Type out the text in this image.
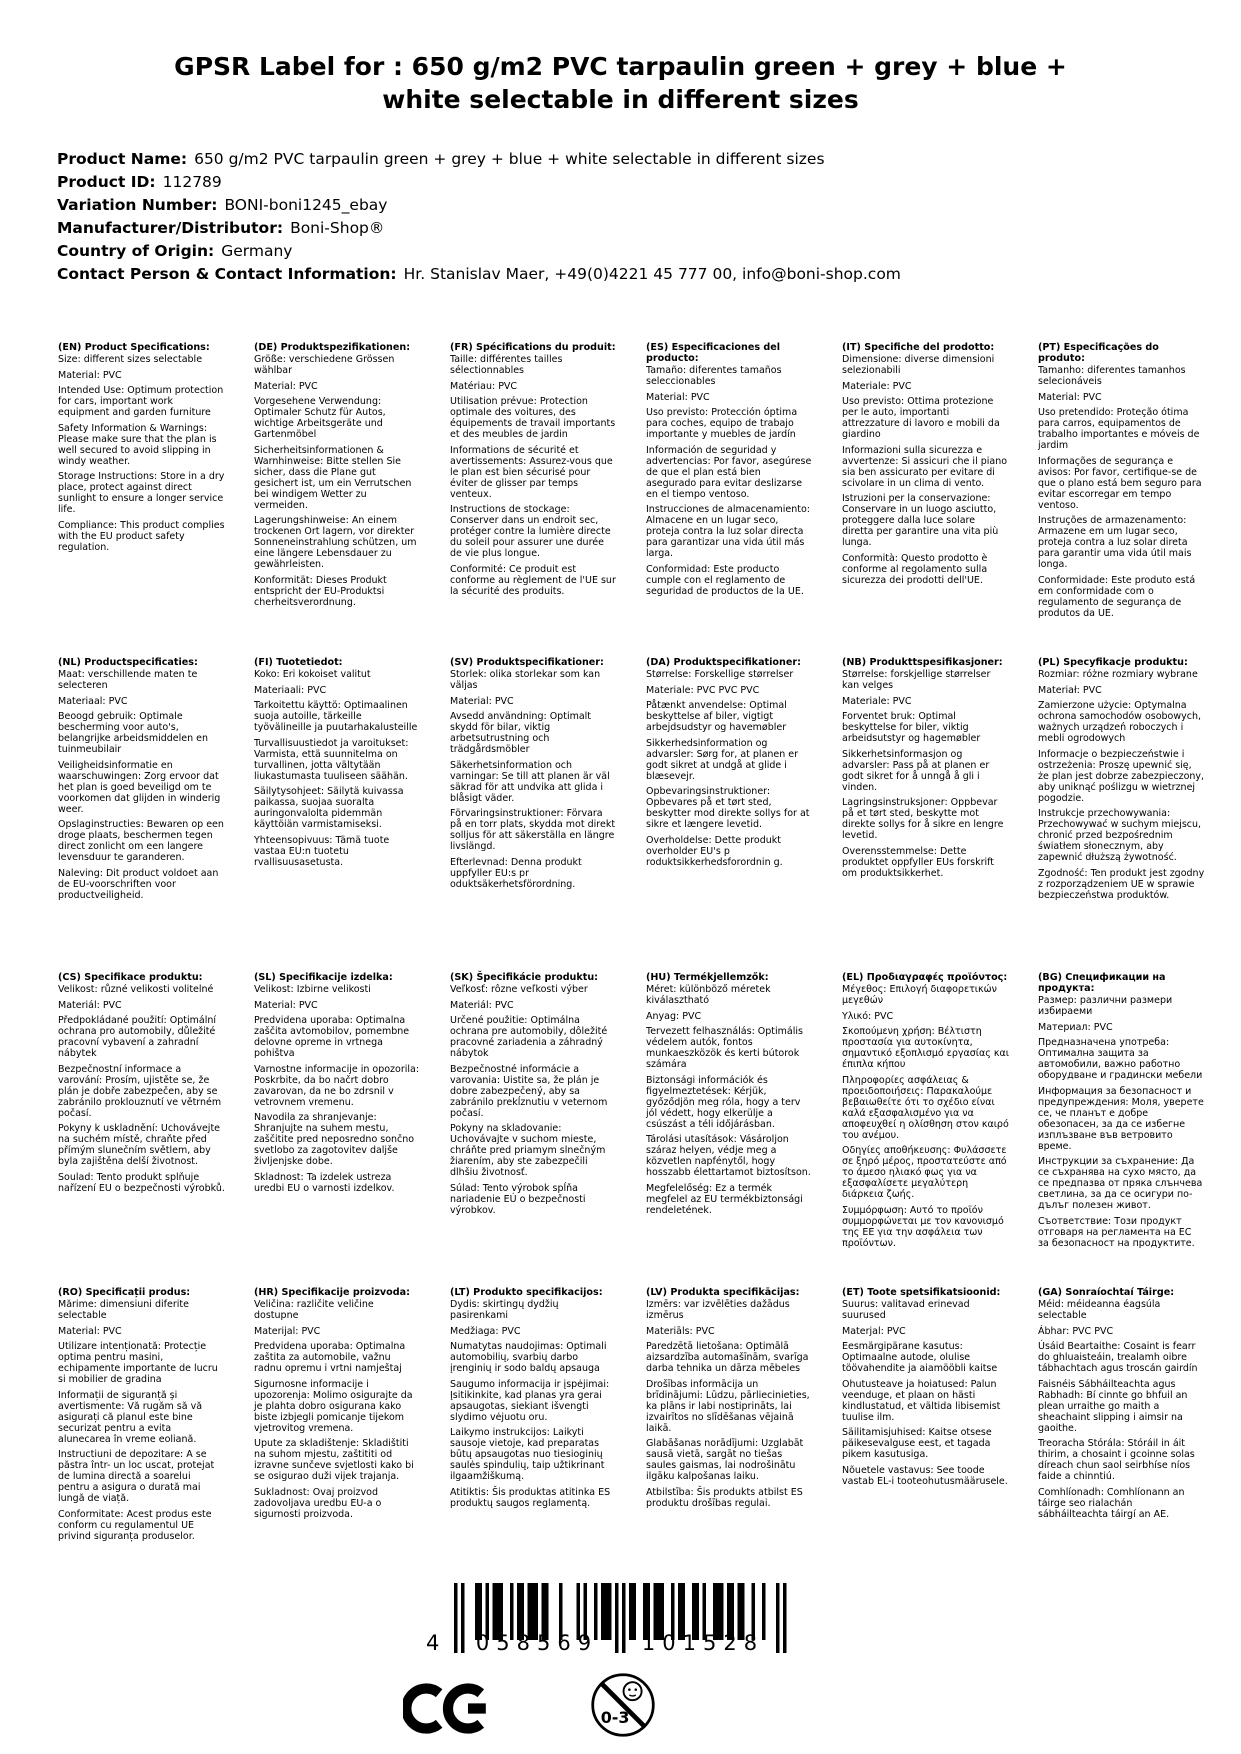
GPSR Label for : 650 g/m2 PVC tarpaulin green + grey + blue + white selectable in different sizes
Product Name: 650 g/m2 PVC tarpaulin green + grey + blue + white selectable in different sizes
Product ID: 112789
Variation Number: BONI-boni1245_ebay
Manufacturer/Distributor: Boni-Shop®
Country of Origin: Germany
Contact Person & Contact Information: Hr. Stanislav Maer, +49(0)4221 45 777 00, info@boni-shop.com
(EN) Product Specifications:

Size: different sizes selectable

Material: PVC

Intended Use: Optimum protection for cars, important work equipment and garden furniture

Safety Information & Warnings: Please make sure that the plan is well secured to avoid slipping in windy weather.

Storage Instructions: Store in a dry place, protect against direct sunlight to ensure a longer service life.

Compliance: This product complies with the EU product safety regulation.

(DE) Produktspezifikationen:

Größe: verschiedene Grössen wählbar

Material: PVC

Vorgesehene Verwendung: Optimaler Schutz für Autos, wichtige Arbeitsgeräte und Gartenmöbel

Sicherheitsinformationen & Warnhinweise: Bitte stellen Sie sicher, dass die Plane gut gesichert ist, um ein Verrutschen bei windigem Wetter zu vermeiden.

Lagerungshinweise: An einem trockenen Ort lagern, vor direkter Sonneneinstrahlung schützen, um eine längere Lebensdauer zu gewährleisten.

Konformität: Dieses Produkt entspricht der EU-Produktsi cherheitsverordnung.

(FR) Spécifications du produit:

Taille: différentes tailles sélectionnables

Matériau: PVC

Utilisation prévue: Protection optimale des voitures, des équipements de travail importants et des meubles de jardin

Informations de sécurité et avertissements: Assurez-vous que le plan est bien sécurisé pour éviter de glisser par temps venteux.

Instructions de stockage: Conserver dans un endroit sec, protéger contre la lumière directe du soleil pour assurer une durée de vie plus longue.

Conformité: Ce produit est conforme au règlement de l'UE sur la sécurité des produits.

(ES) Especificaciones del producto:

Tamaño: diferentes tamaños seleccionables

Material: PVC

Uso previsto: Protección óptima para coches, equipo de trabajo importante y muebles de jardín

Información de seguridad y advertencias: Por favor, asegúrese de que el plan está bien asegurado para evitar deslizarse en el tiempo ventoso.

Instrucciones de almacenamiento: Almacene en un lugar seco, proteja contra la luz solar directa para garantizar una vida útil más larga.

Conformidad: Este producto cumple con el reglamento de seguridad de productos de la UE.

(IT) Specifiche del prodotto:

Dimensione: diverse dimensioni selezionabili

Materiale: PVC

Uso previsto: Ottima protezione per le auto, importanti attrezzature di lavoro e mobili da giardino

Informazioni sulla sicurezza e avvertenze: Si assicuri che il piano sia ben assicurato per evitare di scivolare in un clima di vento.

Istruzioni per la conservazione: Conservare in un luogo asciutto, proteggere dalla luce solare diretta per garantire una vita più lunga.

Conformità: Questo prodotto è conforme al regolamento sulla sicurezza dei prodotti dell'UE.

(PT) Especificações do produto:

Tamanho: diferentes tamanhos selecionáveis

Material: PVC

Uso pretendido: Proteção ótima para carros, equipamentos de trabalho importantes e móveis de jardim

Informações de segurança e avisos: Por favor, certifique-se de que o plano está bem seguro para evitar escorregar em tempo ventoso.

Instruções de armazenamento: Armazene em um lugar seco, proteja contra a luz solar direta para garantir uma vida útil mais longa.

Conformidade: Este produto está em conformidade com o regulamento de segurança de produtos da UE.

(NL) Productspecificaties:

Maat: verschillende maten te selecteren

Materiaal: PVC

Beoogd gebruik: Optimale bescherming voor auto's, belangrijke arbeidsmiddelen en tuinmeubilair

Veiligheidsinformatie en waarschuwingen: Zorg ervoor dat het plan is goed beveiligd om te voorkomen dat glijden in winderig weer.

Opslaginstructies: Bewaren op een droge plaats, beschermen tegen direct zonlicht om een langere levensduur te garanderen.

Naleving: Dit product voldoet aan de EU-voorschriften voor productveiligheid.

(FI) Tuotetiedot:

Koko: Eri kokoiset valitut

Materiaali: PVC

Tarkoitettu käyttö: Optimaalinen suoja autoille, tärkeille työvälineille ja puutarhakalusteille

Turvallisuustiedot ja varoitukset: Varmista, että suunnitelma on turvallinen, jotta vältytään liukastumasta tuuliseen säähän.

Säilytysohjeet: Säilytä kuivassa paikassa, suojaa suoralta auringonvalolta pidemmän käyttöiän varmistamiseksi.

Yhteensopivuus: Tämä tuote vastaa EU:n tuotetu rvallisuusasetusta.

(SV) Produktspecifikationer:

Storlek: olika storlekar som kan väljas

Material: PVC

Avsedd användning: Optimalt skydd för bilar, viktig arbetsutrustning och trädgårdsmöbler

Säkerhetsinformation och varningar: Se till att planen är väl säkrad för att undvika att glida i blåsigt väder.

Förvaringsinstruktioner: Förvara på en torr plats, skydda mot direkt solljus för att säkerställa en längre livslängd.

Efterlevnad: Denna produkt uppfyller EU:s pr oduktsäkerhetsförordning.

(DA) Produktspecifikationer:

Størrelse: Forskellige størrelser

Materiale: PVC PVC PVC

Påtænkt anvendelse: Optimal beskyttelse af biler, vigtigt arbejdsudstyr og havemøbler

Sikkerhedsinformation og advarsler: Sørg for, at planen er godt sikret at undgå at glide i blæsevejr.

Opbevaringsinstruktioner: Opbevares på et tørt sted, beskytter mod direkte sollys for at sikre et længere levetid.

Overholdelse: Dette produkt overholder EU's p roduktsikkerhedsforordnin g.

(NB) Produkttspesifikasjoner:

Størrelse: forskjellige størrelser kan velges

Materiale: PVC

Forventet bruk: Optimal beskyttelse for biler, viktig arbeidsutstyr og hagemøbler

Sikkerhetsinformasjon og advarsler: Pass på at planen er godt sikret for å unngå å gli i vinden.

Lagringsinstruksjoner: Oppbevar på et tørt sted, beskytte mot direkte sollys for å sikre en lengre levetid.

Overensstemmelse: Dette produktet oppfyller EUs forskrift om produktsikkerhet.

(PL) Specyfikacje produktu:

Rozmiar: różne rozmiary wybrane

Materiał: PVC

Zamierzone użycie: Optymalna ochrona samochodów osobowych, ważnych urządzeń roboczych i mebli ogrodowych

Informacje o bezpieczeństwie i ostrzeżenia: Proszę upewnić się, że plan jest dobrze zabezpieczony, aby uniknąć poślizgu w wietrznej pogodzie.

Instrukcje przechowywania: Przechowywać w suchym miejscu, chronić przed bezpośrednim światłem słonecznym, aby zapewnić dłuższą żywotność.

Zgodność: Ten produkt jest zgodny z rozporządzeniem UE w sprawie bezpieczeństwa produktów.

(CS) Specifikace produktu:

Velikost: různé velikosti volitelné

Materiál: PVC

Předpokládané použití: Optimální ochrana pro automobily, důležité pracovní vybavení a zahradní nábytek

Bezpečnostní informace a varování: Prosím, ujistěte se, že plán je dobře zabezpečen, aby se zabránilo proklouznutí ve větrném počasí.

Pokyny k uskladnění: Uchovávejte na suchém místě, chraňte před přímým slunečním světlem, aby byla zajištěna delší životnost.

Soulad: Tento produkt splňuje nařízení EU o bezpečnosti výrobků.

(SL) Specifikacije izdelka:

Velikost: Izbirne velikosti

Material: PVC

Predvidena uporaba: Optimalna zaščita avtomobilov, pomembne delovne opreme in vrtnega pohištva

Varnostne informacije in opozorila: Poskrbite, da bo načrt dobro zavarovan, da ne bo zdrsnil v vetrovnem vremenu.

Navodila za shranjevanje: Shranjujte na suhem mestu, zaščitite pred neposredno sončno svetlobo za zagotovitev daljše življenjske dobe.

Skladnost: Ta izdelek ustreza uredbi EU o varnosti izdelkov.

(SK) Špecifikácie produktu:

Veľkosť: rôzne veľkosti výber

Materiál: PVC

Určené použitie: Optimálna ochrana pre automobily, dôležité pracovné zariadenia a záhradný nábytok

Bezpečnostné informácie a varovania: Uistite sa, že plán je dobre zabezpečený, aby sa zabránilo prekĺznutiu v veternom počasí.

Pokyny na skladovanie: Uchovávajte v suchom mieste, chráňte pred priamym slnečným žiarením, aby ste zabezpečili dlhšiu životnosť.

Súlad: Tento výrobok spĺňa nariadenie EÚ o bezpečnosti výrobkov.

(HU) Termékjellemzők:

Méret: különböző méretek kiválasztható

Anyag: PVC

Tervezett felhasználás: Optimális védelem autók, fontos munkaeszközök és kerti bútorok számára

Biztonsági információk és figyelmeztetések: Kérjük, győződjön meg róla, hogy a terv jól védett, hogy elkerülje a csúszást a téli időjárásban.

Tárolási utasítások: Vásároljon száraz helyen, védje meg a közvetlen napfénytől, hogy hosszabb élettartamot biztosítson.

Megfelelőség: Ez a termék megfelel az EU termékbiztonsági rendeletének.

(EL) Προδιαγραφές προϊόντος:

Μέγεθος: Επιλογή διαφορετικών μεγεθών

Υλικό: PVC

Σκοπούμενη χρήση: Βέλτιστη προστασία για αυτοκίνητα, σημαντικό εξοπλισμό εργασίας και έπιπλα κήπου

Πληροφορίες ασφάλειας & προειδοποιήσεις: Παρακαλούμε βεβαιωθείτε ότι το σχέδιο είναι καλά εξασφαλισμένο για να αποφευχθεί η ολίσθηση στον καιρό του ανέμου.

Οδηγίες αποθήκευσης: Φυλάσσετε σε ξηρό μέρος, προστατεύστε από το άμεσο ηλιακό φως για να εξασφαλίσετε μεγαλύτερη διάρκεια ζωής.

Συμμόρφωση: Αυτό το προϊόν συμμορφώνεται με τον κανονισμό της ΕΕ για την ασφάλεια των προϊόντων.

(BG) Спецификации на продукта:

Размер: различни размери избираеми

Материал: PVC

Предназначена употреба: Оптимална защита за автомобили, важно работно оборудване и градински мебели

Информация за безопасност и предупреждения: Моля, уверете се, че планът е добре обезопасен, за да се избегне изплъзване във ветровито време.

Инструкции за съхранение: Да се съхранява на сухо място, да се предпазва от пряка слънчева светлина, за да се осигури по- дълъг полезен живот.

Съответствие: Този продукт отговаря на регламента на ЕС за безопасност на продуктите.

(RO) Specificații produs:

Mărime: dimensiuni diferite selectable

Material: PVC

Utilizare intenționată: Protecție optima pentru masini, echipamente importante de lucru si mobilier de gradina

Informații de siguranță și avertismente: Vă rugăm să vă asigurați că planul este bine securizat pentru a evita alunecarea în vreme eoliană.

Instructiuni de depozitare: A se păstra într- un loc uscat, protejat de lumina directă a soarelui pentru a asigura o durată mai lungă de viață.

Conformitate: Acest produs este conform cu regulamentul UE privind siguranța produselor.

(HR) Specifikacije proizvoda:

Veličina: različite veličine dostupne

Materijal: PVC

Predvidena uporaba: Optimalna zaštita za automobile, važnu radnu opremu i vrtni namještaj

Sigurnosne informacije i upozorenja: Molimo osigurajte da je plahta dobro osigurana kako biste izbjegli pomicanje tijekom vjetrovitog vremena.

Upute za skladištenje: Skladištiti na suhom mjestu, zaštititi od izravne sunčeve svjetlosti kako bi se osigurao duži vijek trajanja.

Sukladnost: Ovaj proizvod zadovoljava uredbu EU-a o sigurnosti proizvoda.

(LT) Produkto specifikacijos:

Dydis: skirtingų dydžių pasirenkami

Medžiaga: PVC

Numatytas naudojimas: Optimali automobilių, svarbių darbo įrenginių ir sodo baldų apsauga

Saugumo informacija ir įspėjimai: Įsitikinkite, kad planas yra gerai apsaugotas, siekiant išvengti slydimo vėjuotu oru.

Laikymo instrukcijos: Laikyti sausoje vietoje, kad preparatas būtų apsaugotas nuo tiesioginių saulės spindulių, taip užtikrinant ilgaamžiškumą.

Atitiktis: Šis produktas atitinka ES produktų saugos reglamentą.

(LV) Produkta specifikācijas:

Izmērs: var izvēlēties dažādus izmērus

Materiāls: PVC

Paredzētā lietošana: Optimālā aizsardzība automašīnām, svarīga darba tehnika un dārza mēbeles

Drošības informācija un brīdinājumi: Lūdzu, pārliecinieties, ka plāns ir labi nostiprināts, lai izvairītos no slīdēšanas vējainā laikā.

Glabāšanas norādījumi: Uzglabāt sausā vietā, sargāt no tiešas saules gaismas, lai nodrošinātu ilgāku kalpošanas laiku.

Atbilstība: Šis produkts atbilst ES produktu drošības regulai.

(ET) Toote spetsifikatsioonid:

Suurus: valitavad erinevad suurused

Materjal: PVC

Eesmärgipärane kasutus: Optimaalne autode, olulise töövahendite ja aiamööbli kaitse

Ohutusteave ja hoiatused: Palun veenduge, et plaan on hästi kindlustatud, et vältida libisemist tuulise ilm.

Säilitamisjuhised: Kaitse otsese päikesevalguse eest, et tagada pikem kasutusiga.

Nõuetele vastavus: See toode vastab EL-i tooteohutusmäärusele.

(GA) Sonraíochtaí Táirge:

Méid: méideanna éagsúla selectable

Ábhar: PVC PVC

Úsáid Beartaithe: Cosaint is fearr do ghluaisteáin, trealamh oibre tábhachtach agus troscán gairdín

Faisnéis Sábháilteachta agus Rabhadh: Bí cinnte go bhfuil an plean urraithe go maith a sheachaint slipping i aimsir na gaoithe.

Treoracha Stórála: Stóráil in áit thirim, a chosaint i gcoinne solas díreach chun saol seirbhíse níos faide a chinntiú.

Comhlíonadh: Comhlíonann an táirge seo rialachán sábháilteachta táirgí an AE.

4	058569	101528
0-3
